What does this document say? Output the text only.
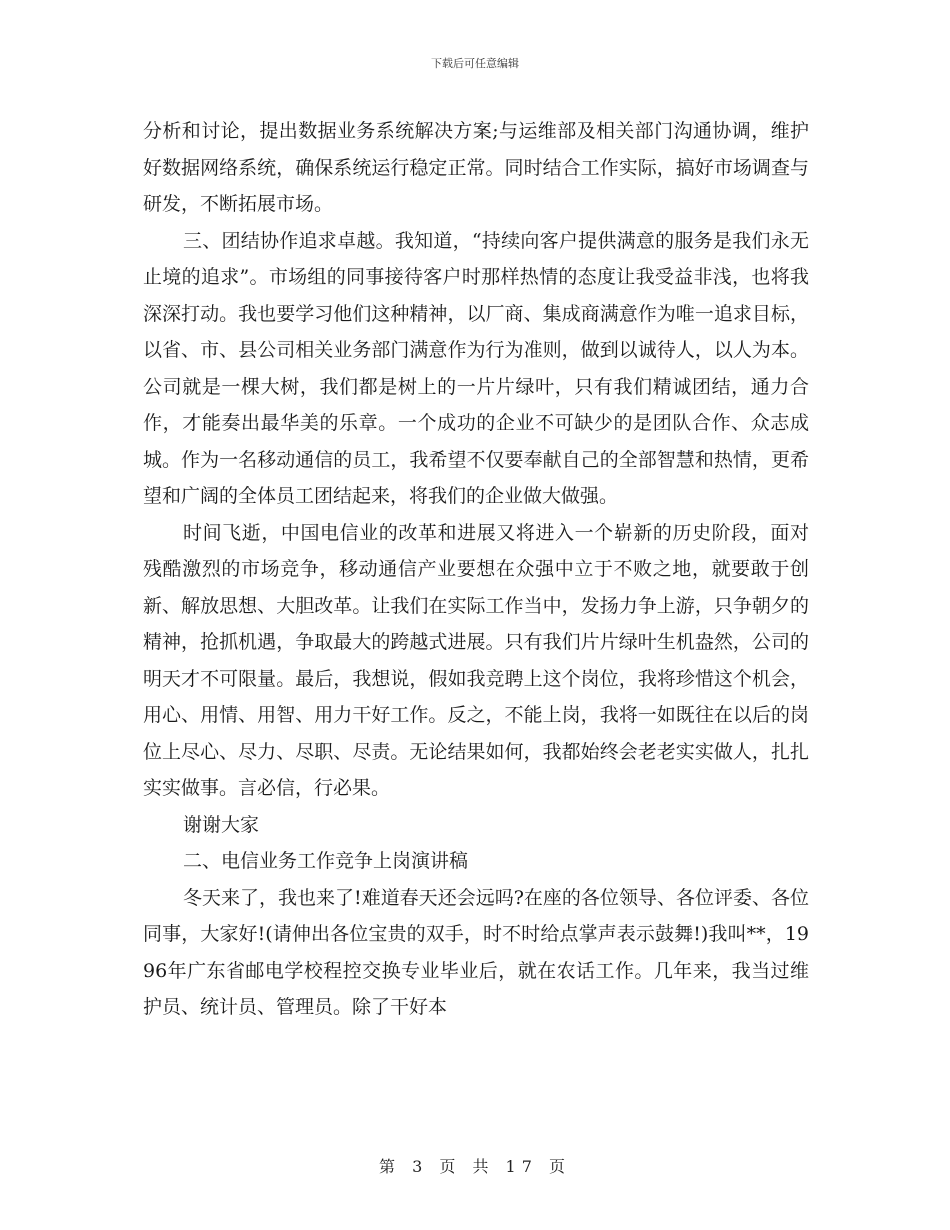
下载后可任意编辑

分析和讨论，提出数据业务系统解决方案;与运维部及相关部门沟通协调，维护好数据网络系统，确保系统运行稳定正常。同时结合工作实际，搞好市场调查与研发，不断拓展市场。

三、团结协作追求卓越。我知道，“持续向客户提供满意的服务是我们永无止境的追求”。市场组的同事接待客户时那样热情的态度让我受益非浅，也将我深深打动。我也要学习他们这种精神，以厂商、集成商满意作为唯一追求目标，以省、市、县公司相关业务部门满意作为行为准则，做到以诚待人，以人为本。公司就是一棵大树，我们都是树上的一片片绿叶，只有我们精诚团结，通力合作，才能奏出最华美的乐章。一个成功的企业不可缺少的是团队合作、众志成城。作为一名移动通信的员工，我希望不仅要奉献自己的全部智慧和热情，更希望和广阔的全体员工团结起来，将我们的企业做大做强。

时间飞逝，中国电信业的改革和进展又将进入一个崭新的历史阶段，面对残酷激烈的市场竞争，移动通信产业要想在众强中立于不败之地，就要敢于创新、解放思想、大胆改革。让我们在实际工作当中，发扬力争上游，只争朝夕的精神，抢抓机遇，争取最大的跨越式进展。只有我们片片绿叶生机盎然，公司的明天才不可限量。最后，我想说，假如我竞聘上这个岗位，我将珍惜这个机会，用心、用情、用智、用力干好工作。反之，不能上岗，我将一如既往在以后的岗位上尽心、尽力、尽职、尽责。无论结果如何，我都始终会老老实实做人，扎扎实实做事。言必信，行必果。

谢谢大家

二、电信业务工作竞争上岗演讲稿

冬天来了，我也来了!难道春天还会远吗?在座的各位领导、各位评委、各位同事，大家好!(请伸出各位宝贵的双手，时不时给点掌声表示鼓舞!)我叫**，1996年广东省邮电学校程控交换专业毕业后，就在农话工作。几年来，我当过维护员、统计员、管理员。除了干好本

第 3 页 共 17 页
